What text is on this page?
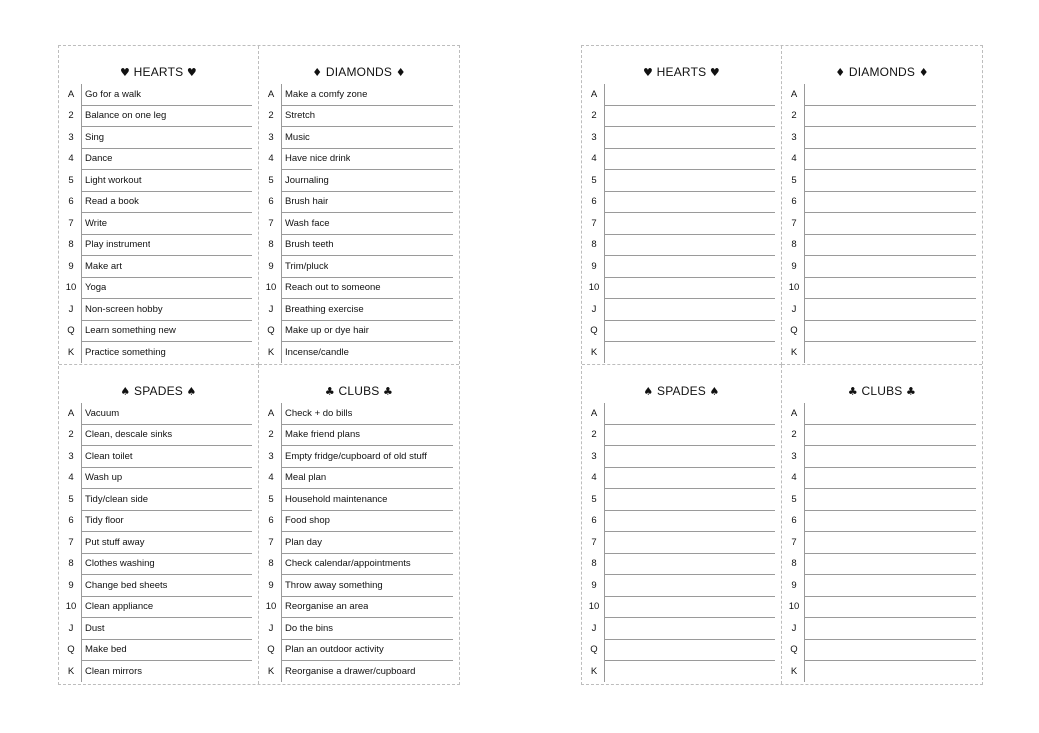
♥ HEARTS ♥
A	Go for a walk
2	Balance on one leg
3	Sing
4	Dance
5	Light workout
6	Read a book
7	Write
8	Play instrument
9	Make art
10 Yoga
J	Non-screen hobby
Q	Learn something new
K	Practice something
♦ DIAMONDS ♦
A	Make a comfy zone
2	Stretch
3	Music
4	Have nice drink
5	Journaling
6	Brush hair
7	Wash face
8	Brush teeth
9	Trim/pluck
10 Reach out to someone
J	Breathing exercise
Q	Make up or dye hair
K	Incense/candle
♠ SPADES ♠
A	Vacuum
2	Clean, descale sinks
3	Clean toilet
4	Wash up
5	Tidy/clean side
6	Tidy floor
7	Put stuff away
8	Clothes washing
9	Change bed sheets
10 Clean appliance
J	Dust
Q	Make bed
K	Clean mirrors
♣ CLUBS ♣
A	Check + do bills
2	Make friend plans
3	Empty fridge/cupboard of old stuff
4	Meal plan
5	Household maintenance
6	Food shop
7	Plan day
8	Check calendar/appointments
9	Throw away something
10 Reorganise an area
J	Do the bins
Q	Plan an outdoor activity
K	Reorganise a drawer/cupboard
♥ HEARTS ♥
A
2
3
4
5
6
7
8
9
10
J
Q
K
♦ DIAMONDS ♦
A
2
3
4
5
6
7
8
9
10
J
Q
K
♠ SPADES ♠
A
2
3
4
5
6
7
8
9
10
J
Q
K
♣ CLUBS ♣
A
2
3
4
5
6
7
8
9
10
J
Q
K
